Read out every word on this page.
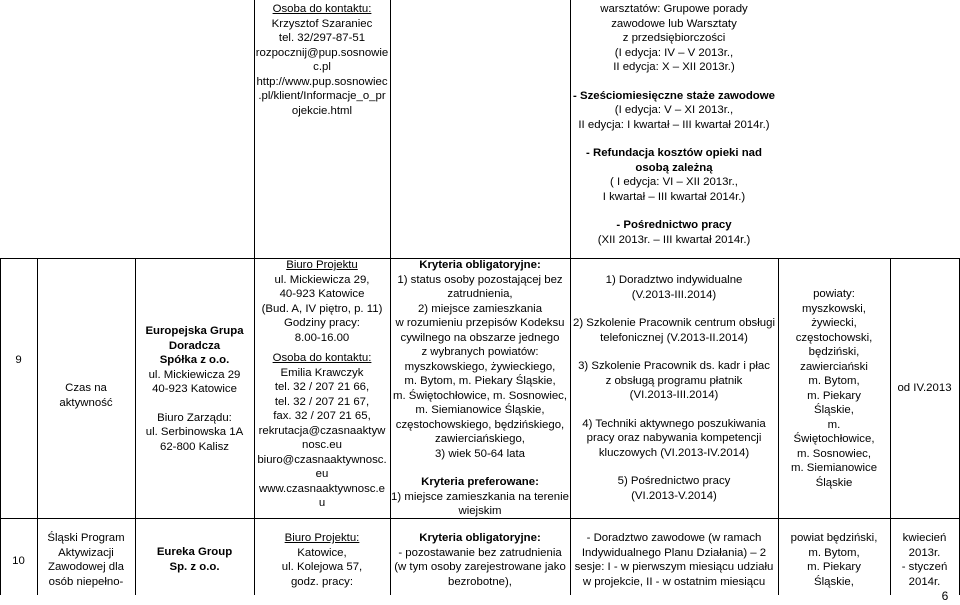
Osoba do kontaktu:
Krzysztof Szaraniec
tel. 32/297-87-51
rozpocznij@pup.sosnowie
c.pl
http://www.pup.sosnowiec
.pl/klient/Informacje_o_pr
ojekcie.html
warsztatów: Grupowe porady
zawodowe lub Warsztaty
z przedsiębiorczości
(I edycja: IV – V 2013r.,
II edycja: X – XII 2013r.)
- Sześciomiesięczne staże zawodowe
(I edycja: V – XI 2013r.,
II edycja: I kwartał – III kwartał 2014r.)
- Refundacja kosztów opieki nad
osobą zależną
( I edycja: VI – XII 2013r.,
I kwartał – III kwartał 2014r.)
- Pośrednictwo pracy
(XII 2013r. – III kwartał 2014r.)
9
Czas na
aktywność
Europejska Grupa
Doradcza
Spółka z o.o.
ul. Mickiewicza 29
40-923 Katowice
Biuro Zarządu:
ul. Serbinowska 1A
62-800 Kalisz
Biuro Projektu
ul. Mickiewicza 29,
40-923 Katowice
(Bud. A, IV piętro, p. 11)
Godziny pracy:
8.00-16.00
Osoba do kontaktu:
Emilia Krawczyk
tel. 32 / 207 21 66,
tel. 32 / 207 21 67,
fax. 32 / 207 21 65,
rekrutacja@czasnaaktyw
nosc.eu
biuro@czasnaaktywnosc.
eu
www.czasnaaktywnosc.e
u
Kryteria obligatoryjne:
1) status osoby pozostającej bez
zatrudnienia,
2) miejsce zamieszkania
w rozumieniu przepisów Kodeksu
cywilnego na obszarze jednego
z wybranych powiatów:
myszkowskiego, żywieckiego,
m. Bytom, m. Piekary Śląskie,
m. Świętochłowice, m. Sosnowiec,
m. Siemianowice Śląskie,
częstochowskiego, będzińskiego,
zawierciańskiego,
3) wiek 50-64 lata
Kryteria preferowane:
1) miejsce zamieszkania na terenie
wiejskim
1) Doradztwo indywidualne
(V.2013-III.2014)
2) Szkolenie Pracownik centrum obsługi
telefonicznej (V.2013-II.2014)
3) Szkolenie Pracownik ds. kadr i płac
z obsługą programu płatnik
(VI.2013-III.2014)
4) Techniki aktywnego poszukiwania
pracy oraz nabywania kompetencji
kluczowych (VI.2013-IV.2014)
5) Pośrednictwo pracy
(VI.2013-V.2014)
powiaty:
myszkowski,
żywiecki,
częstochowski,
będziński,
zawierciański
m. Bytom,
m. Piekary
Śląskie,
m.
Świętochłowice,
m. Sosnowiec,
m. Siemianowice
Śląskie
od IV.2013
10
Śląski Program
Aktywizacji
Zawodowej dla
osób niepełno-
Eureka Group
Sp. z o.o.
Biuro Projektu:
Katowice,
ul. Kolejowa 57,
godz. pracy:
Kryteria obligatoryjne:
- pozostawanie bez zatrudnienia
(w tym osoby zarejestrowane jako
bezrobotne),
- Doradztwo zawodowe (w ramach
Indywidualnego Planu Działania) – 2
sesje: I - w pierwszym miesiącu udziału
w projekcie, II - w ostatnim miesiącu
powiat będziński,
m. Bytom,
m. Piekary
Śląskie,
kwiecień
2013r.
- styczeń
2014r.
6
